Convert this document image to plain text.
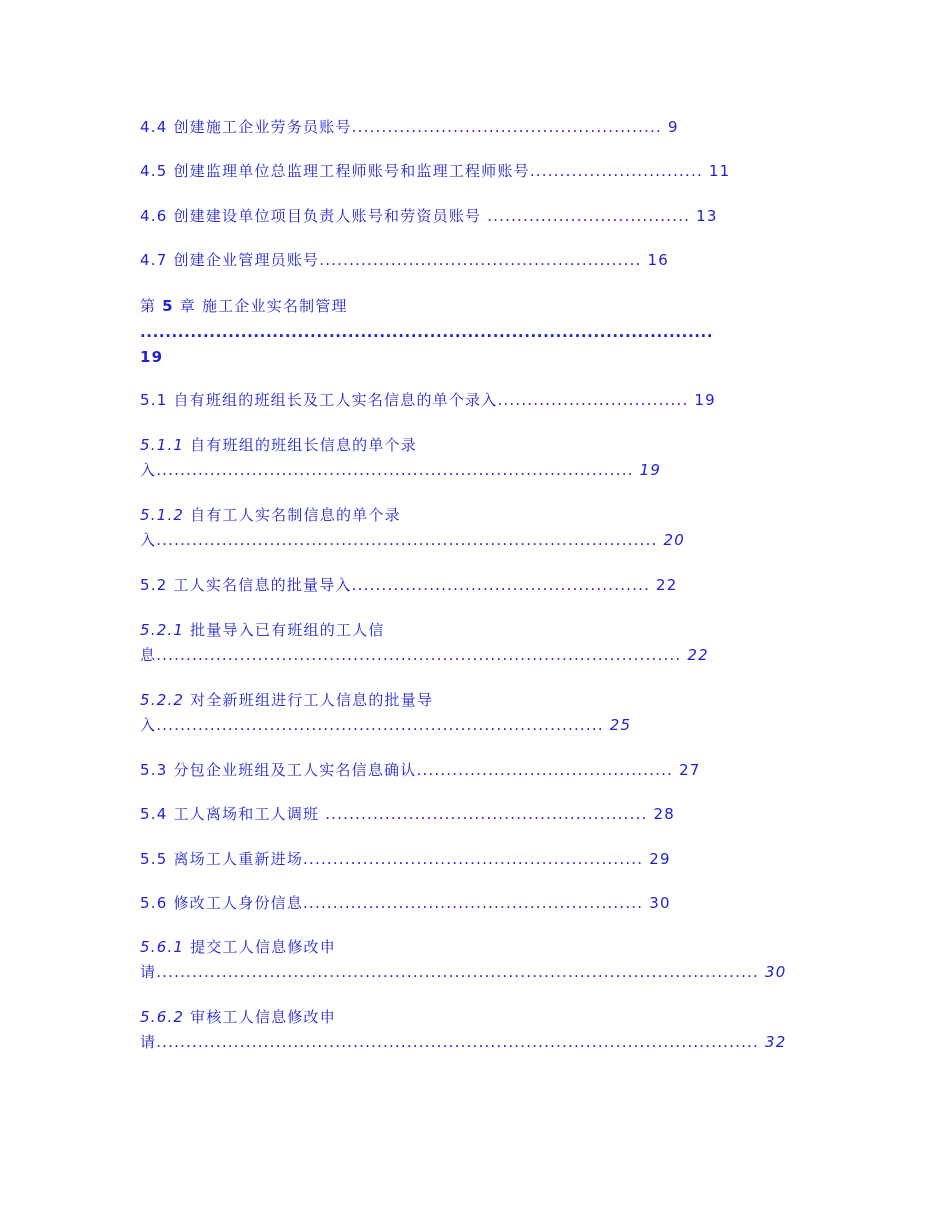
4.4 创建施工企业劳务员账号.................................................... 9
4.5 创建监理单位总监理工程师账号和监理工程师账号............................. 11
4.6 创建建设单位项目负责人账号和劳资员账号 .................................. 13
4.7 创建企业管理员账号...................................................... 16
第 5 章 施工企业实名制管理
...........................................................................................
19
5.1 自有班组的班组长及工人实名信息的单个录入................................ 19
5.1.1 自有班组的班组长信息的单个录
入................................................................................ 19
5.1.2 自有工人实名制信息的单个录
入.................................................................................... 20
5.2 工人实名信息的批量导入.................................................. 22
5.2.1 批量导入已有班组的工人信
息........................................................................................ 22
5.2.2 对全新班组进行工人信息的批量导
入........................................................................... 25
5.3 分包企业班组及工人实名信息确认........................................... 27
5.4 工人离场和工人调班 ...................................................... 28
5.5 离场工人重新进场......................................................... 29
5.6 修改工人身份信息......................................................... 30
5.6.1 提交工人信息修改申
请..................................................................................................... 30
5.6.2 审核工人信息修改申
请..................................................................................................... 32
